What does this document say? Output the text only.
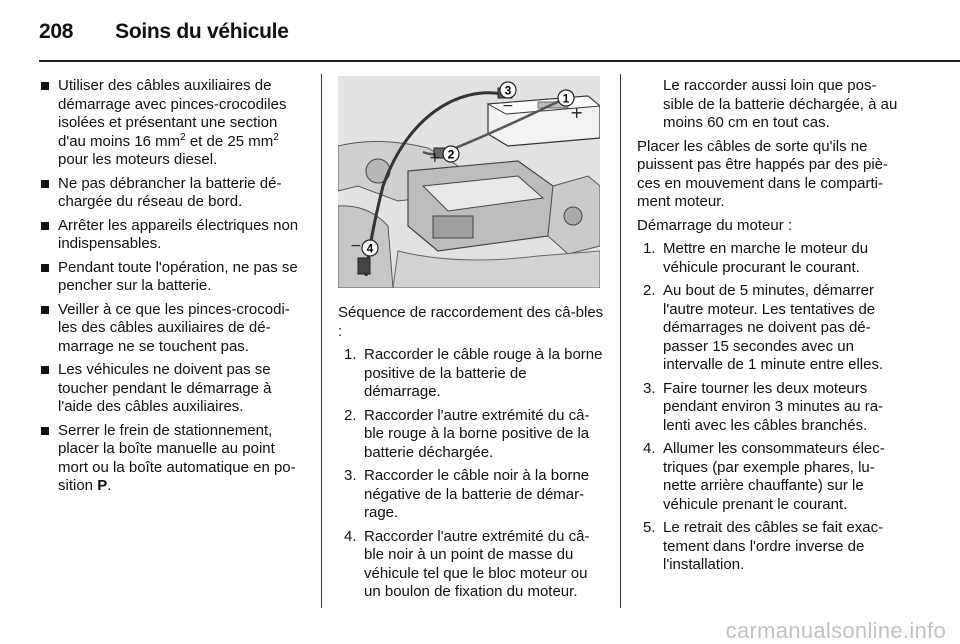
208 Soins du véhicule
Utiliser des câbles auxiliaires de démarrage avec pinces-crocodiles isolées et présentant une section d'au moins 16 $mm^2$ et de 25 $mm^2$ pour les moteurs diesel.
Ne pas débrancher la batterie dé-chargée du réseau de bord.
Arrêter les appareils électriques non indispensables.
Pendant toute l'opération, ne pas se pencher sur la batterie.
Veiller à ce que les pinces-crocodi-les des câbles auxiliaires de dé-marrage ne se touchent pas.
Les véhicules ne doivent pas se toucher pendant le démarrage à l'aide des câbles auxiliaires.
Serrer le frein de stationnement, placer la boîte manuelle au point mort ou la boîte automatique en po-sition P.
+
+
−
−
1
2
3
4

Séquence de raccordement des câ-bles :

1. Raccorder le câble rouge à la borne positive de la batterie de démarrage.
2. Raccorder l'autre extrémité du câ-ble rouge à la borne positive de la batterie déchargée.
3. Raccorder le câble noir à la borne négative de la batterie de démar-rage.
4. Raccorder l'autre extrémité du câ-ble noir à un point de masse du véhicule tel que le bloc moteur ou un boulon de fixation du moteur.

Le raccorder aussi loin que pos-sible de la batterie déchargée, à au moins 60 cm en tout cas.

Placer les câbles de sorte qu'ils ne puissent pas être happés par des piè-ces en mouvement dans le comparti-ment moteur.

Démarrage du moteur :

1. Mettre en marche le moteur du véhicule procurant le courant.
2. Au bout de 5 minutes, démarrer l'autre moteur. Les tentatives de démarrages ne doivent pas dé-passer 15 secondes avec un intervalle de 1 minute entre elles.
3. Faire tourner les deux moteurs pendant environ 3 minutes au ra-lenti avec les câbles branchés.
4. Allumer les consommateurs élec-triques (par exemple phares, lu-nette arrière chauffante) sur le véhicule prenant le courant.
5. Le retrait des câbles se fait exac-tement dans l'ordre inverse de l'installation.
carmanualsonline.info
